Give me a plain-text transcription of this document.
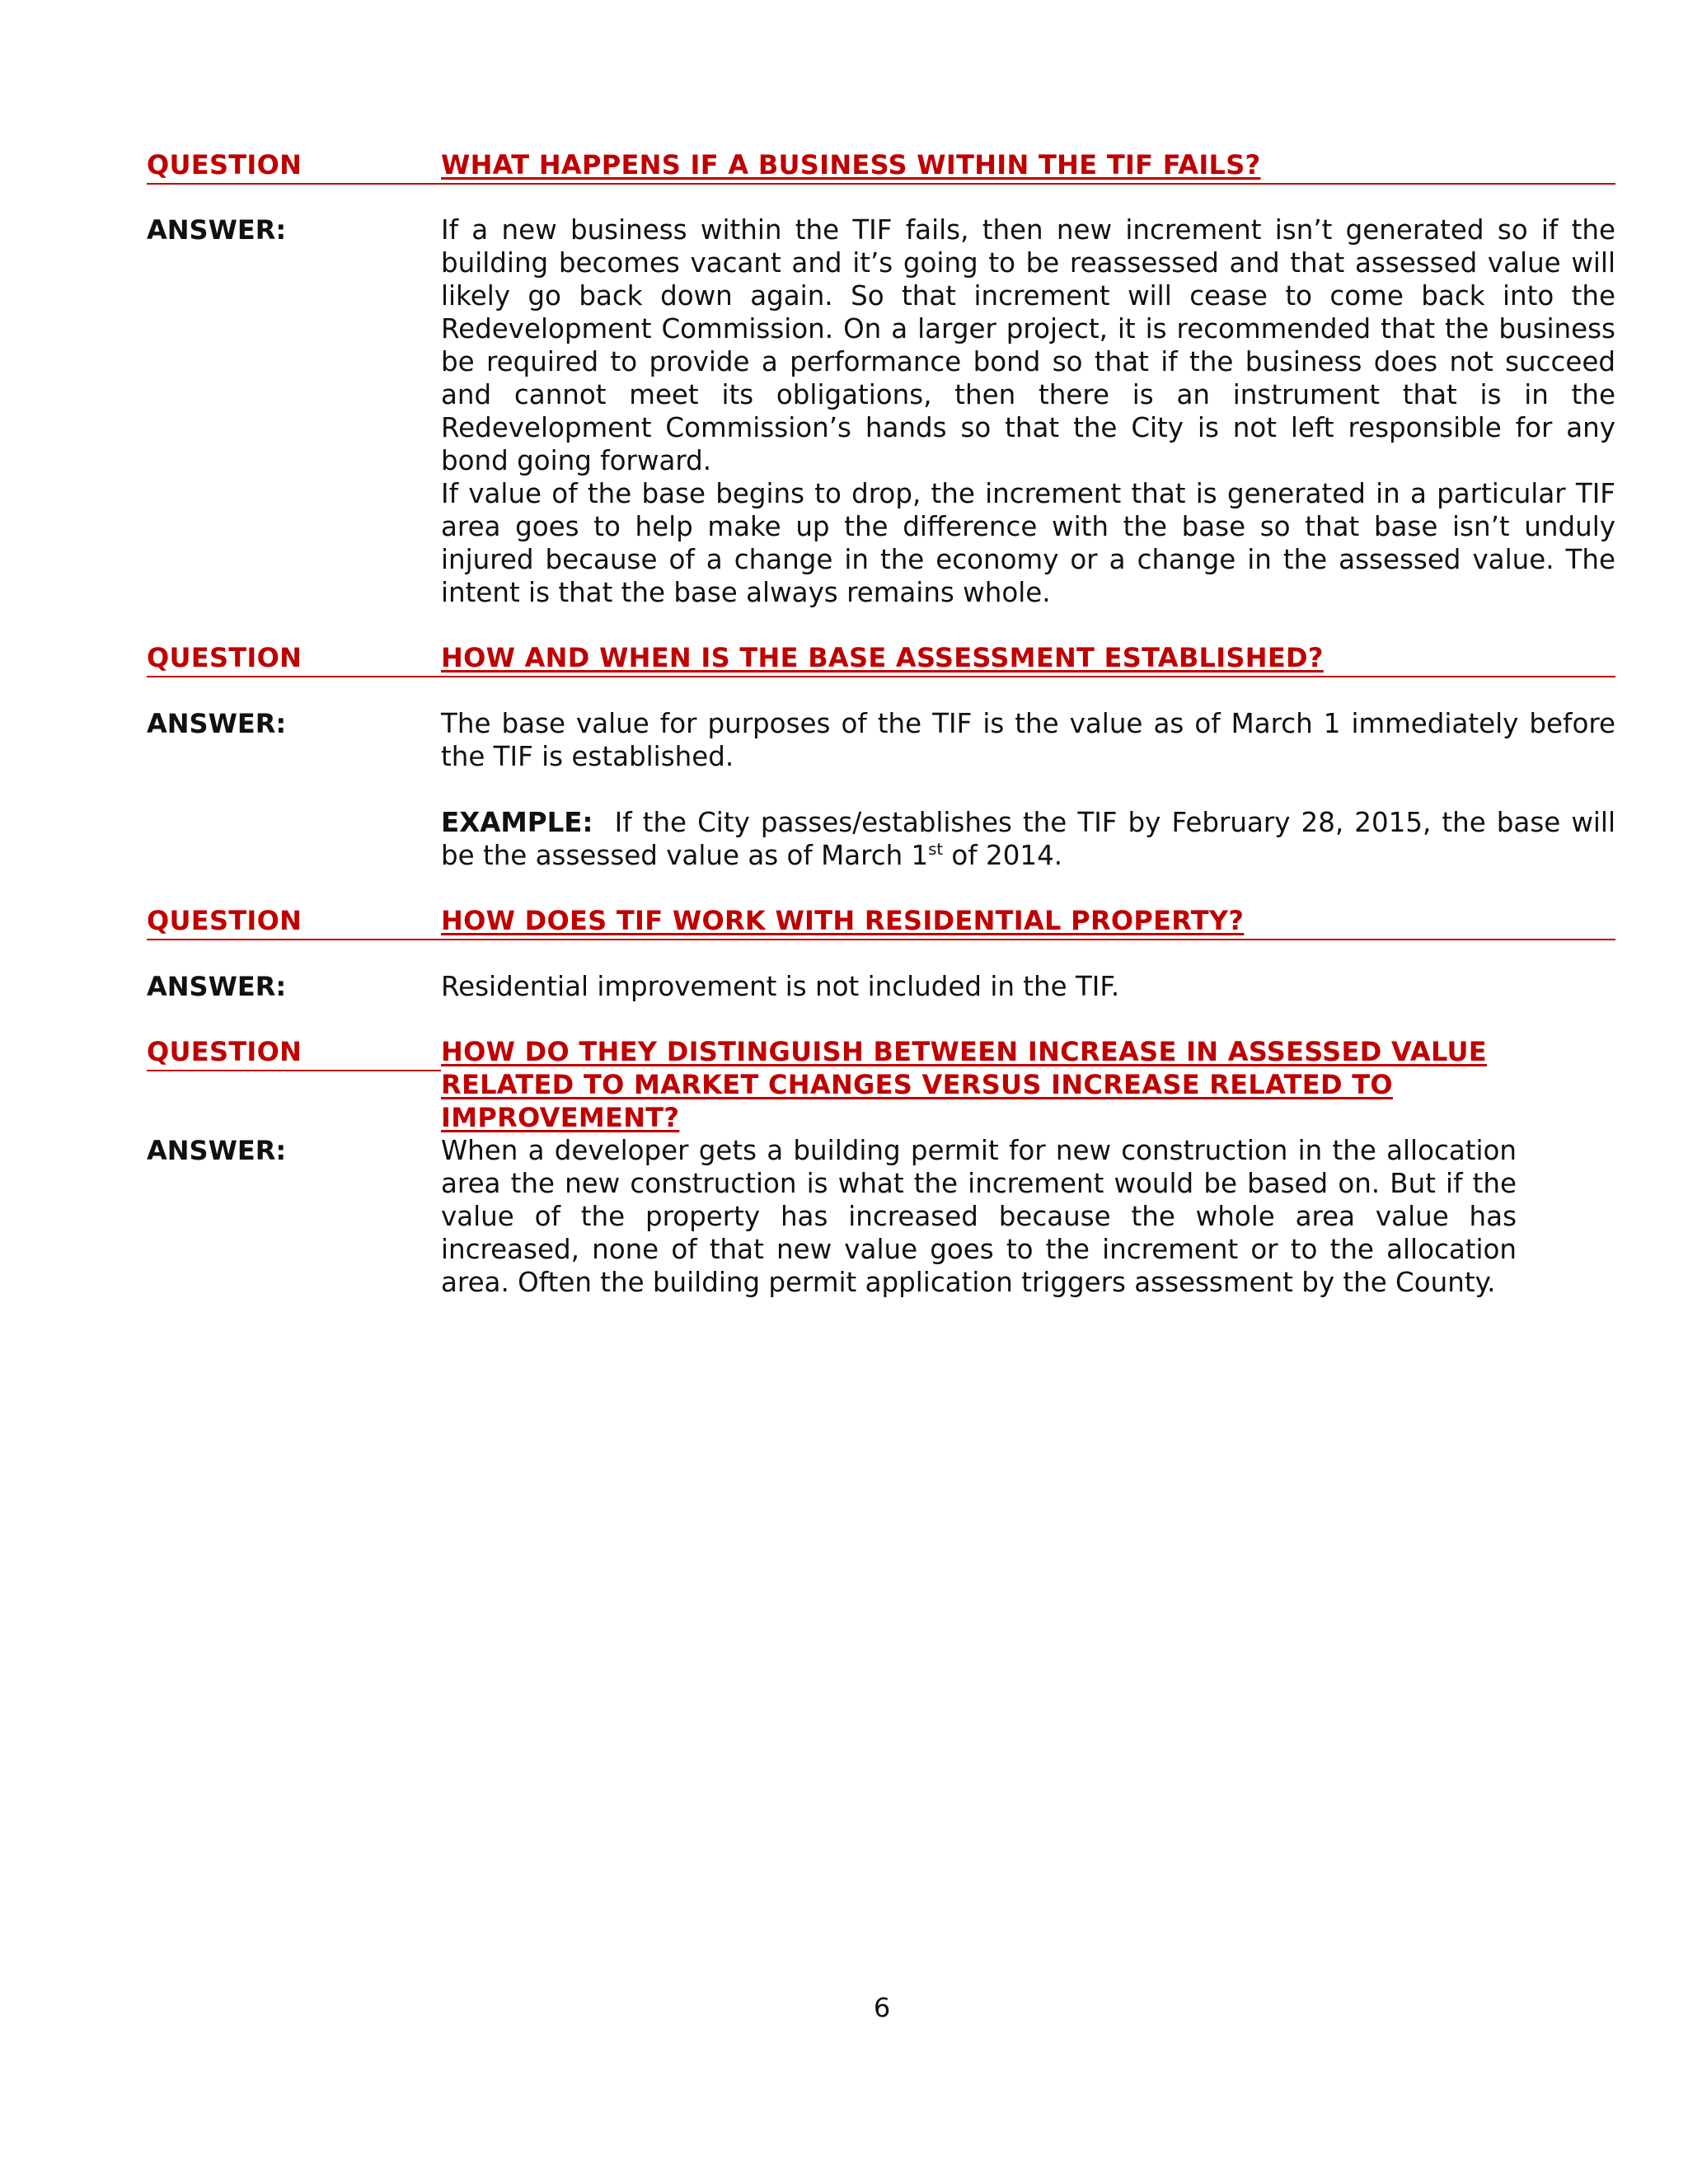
QUESTION	WHAT HAPPENS IF A BUSINESS WITHIN THE TIF FAILS?
ANSWER:	If a new business within the TIF fails, then new increment isn’t generated so if the building becomes vacant and it’s going to be reassessed and that assessed value will likely go back down again. So that increment will cease to come back into the Redevelopment Commission. On a larger project, it is recommended that the business be required to provide a performance bond so that if the business does not succeed and cannot meet its obligations, then there is an instrument that is in the Redevelopment Commission’s hands so that the City is not left responsible for any bond going forward.
If value of the base begins to drop, the increment that is generated in a particular TIF area goes to help make up the difference with the base so that base isn’t unduly injured because of a change in the economy or a change in the assessed value. The intent is that the base always remains whole.
QUESTION	HOW AND WHEN IS THE BASE ASSESSMENT ESTABLISHED?
ANSWER:	The base value for purposes of the TIF is the value as of March 1 immediately before the TIF is established.
EXAMPLE:  If the City passes/establishes the TIF by February 28, 2015, the base will be the assessed value as of March 1st of 2014.
QUESTION	HOW DOES TIF WORK WITH RESIDENTIAL PROPERTY?
ANSWER:	Residential improvement is not included in the TIF.
QUESTION	HOW DO THEY DISTINGUISH BETWEEN INCREASE IN ASSESSED VALUE RELATED TO MARKET CHANGES VERSUS INCREASE RELATED TO IMPROVEMENT?
ANSWER:	When a developer gets a building permit for new construction in the allocation area the new construction is what the increment would be based on. But if the value of the property has increased because the whole area value has increased, none of that new value goes to the increment or to the allocation area. Often the building permit application triggers assessment by the County.
6
